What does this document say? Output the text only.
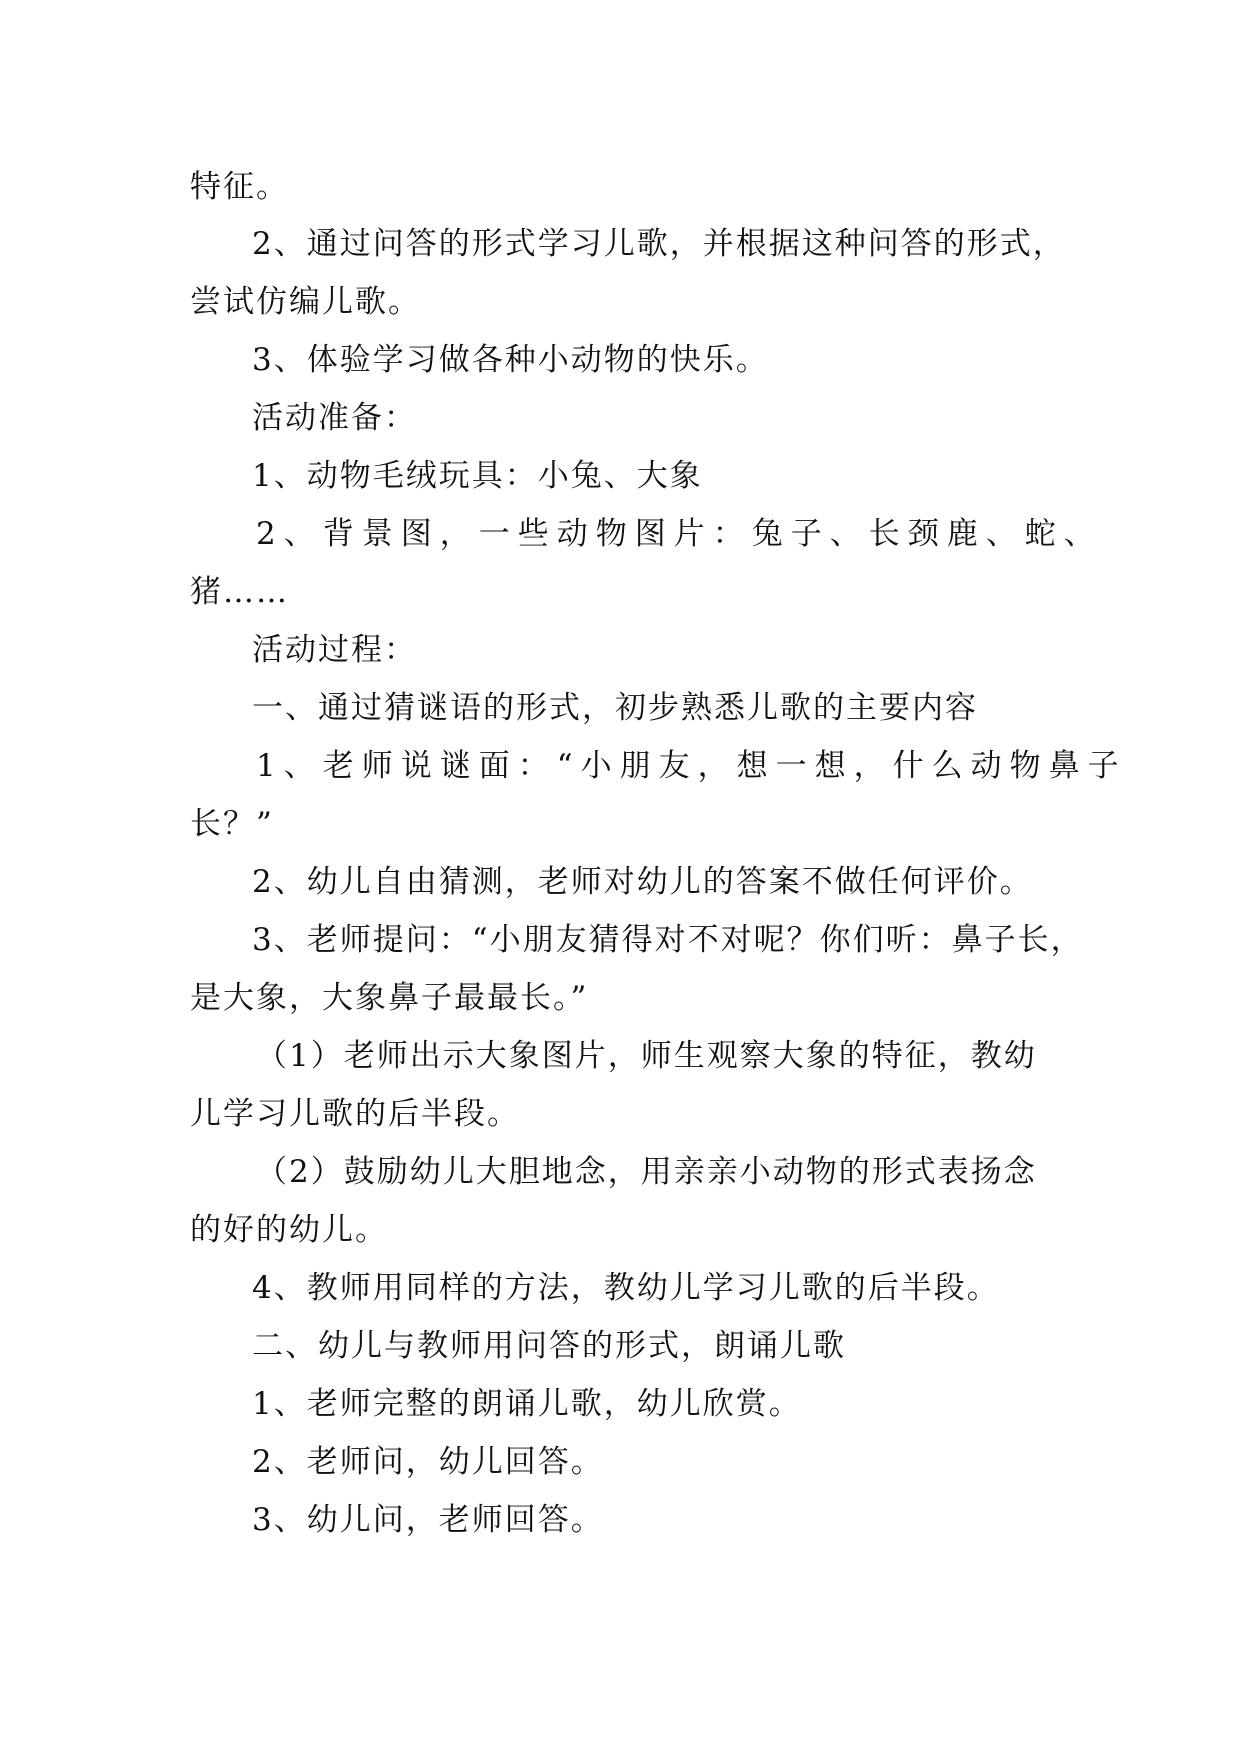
特征。
2、通过问答的形式学习儿歌，并根据这种问答的形式，
尝试仿编儿歌。
3、体验学习做各种小动物的快乐。
活动准备：
1、动物毛绒玩具：小兔、大象
2、背景图，一些动物图片：兔子、长颈鹿、蛇、
猪……
活动过程：
一、通过猜谜语的形式，初步熟悉儿歌的主要内容
1、老师说谜面：“小朋友，想一想，什么动物鼻子
长？”
2、幼儿自由猜测，老师对幼儿的答案不做任何评价。
3、老师提问：“小朋友猜得对不对呢？你们听：鼻子长，
是大象，大象鼻子最最长。”
（1）老师出示大象图片，师生观察大象的特征，教幼
儿学习儿歌的后半段。
（2）鼓励幼儿大胆地念，用亲亲小动物的形式表扬念
的好的幼儿。
4、教师用同样的方法，教幼儿学习儿歌的后半段。
二、幼儿与教师用问答的形式，朗诵儿歌
1、老师完整的朗诵儿歌，幼儿欣赏。
2、老师问，幼儿回答。
3、幼儿问，老师回答。
